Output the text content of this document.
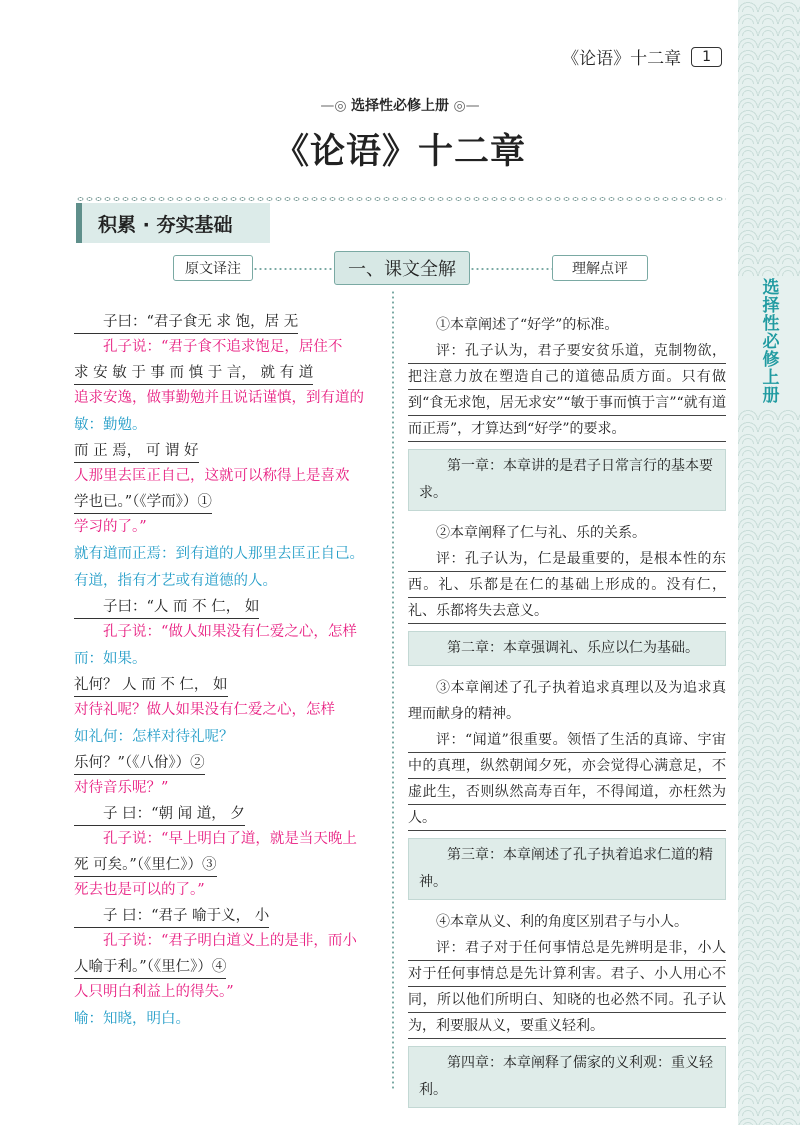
选择性必修上册
《论语》十二章	1
—◎ 选择性必修上册 ◎—
《论语》十二章
积累 · 夯实基础
原文译注	一、课文全解	理解点评
子曰：“君子食无 求 饱，居 无
孔子说：“君子食不追求饱足，居住不
求 安 敏 于 事 而 慎 于 言， 就 有 道
追求安逸，做事勤勉并且说话谨慎，到有道的
敏：勤勉。
而 正 焉， 可 谓 好
人那里去匡正自己，这就可以称得上是喜欢
学也已。”（《学而》）①
学习的了。”
就有道而正焉：到有道的人那里去匡正自己。
有道，指有才艺或有道德的人。
子曰：“人 而 不 仁， 如
孔子说：“做人如果没有仁爱之心，怎样
而：如果。
礼何？ 人 而 不 仁， 如
对待礼呢？做人如果没有仁爱之心，怎样
如礼何：怎样对待礼呢？
乐何？”（《八佾》）②
对待音乐呢？”
子 曰：“朝 闻 道， 夕
孔子说：“早上明白了道，就是当天晚上
死 可矣。”（《里仁》）③
死去也是可以的了。”
子 曰：“君子 喻于义， 小
孔子说：“君子明白道义上的是非，而小
人喻于利。”（《里仁》）④
人只明白利益上的得失。”
喻：知晓，明白。
①本章阐述了“好学”的标准。
评：孔子认为，君子要安贫乐道，克制物欲，把注意力放在塑造自己的道德品质方面。只有做到“食无求饱，居无求安”“敏于事而慎于言”“就有道而正焉”，才算达到“好学”的要求。
第一章：本章讲的是君子日常言行的基本要求。
②本章阐释了仁与礼、乐的关系。
评：孔子认为，仁是最重要的，是根本性的东西。礼、乐都是在仁的基础上形成的。没有仁，礼、乐都将失去意义。
第二章：本章强调礼、乐应以仁为基础。
③本章阐述了孔子执着追求真理以及为追求真理而献身的精神。
评：“闻道”很重要。领悟了生活的真谛、宇宙中的真理，纵然朝闻夕死，亦会觉得心满意足，不虚此生，否则纵然高寿百年，不得闻道，亦枉然为人。
第三章：本章阐述了孔子执着追求仁道的精神。
④本章从义、利的角度区别君子与小人。
评：君子对于任何事情总是先辨明是非，小人对于任何事情总是先计算利害。君子、小人用心不同，所以他们所明白、知晓的也必然不同。孔子认为，利要服从义，要重义轻利。
第四章：本章阐释了儒家的义利观：重义轻利。
